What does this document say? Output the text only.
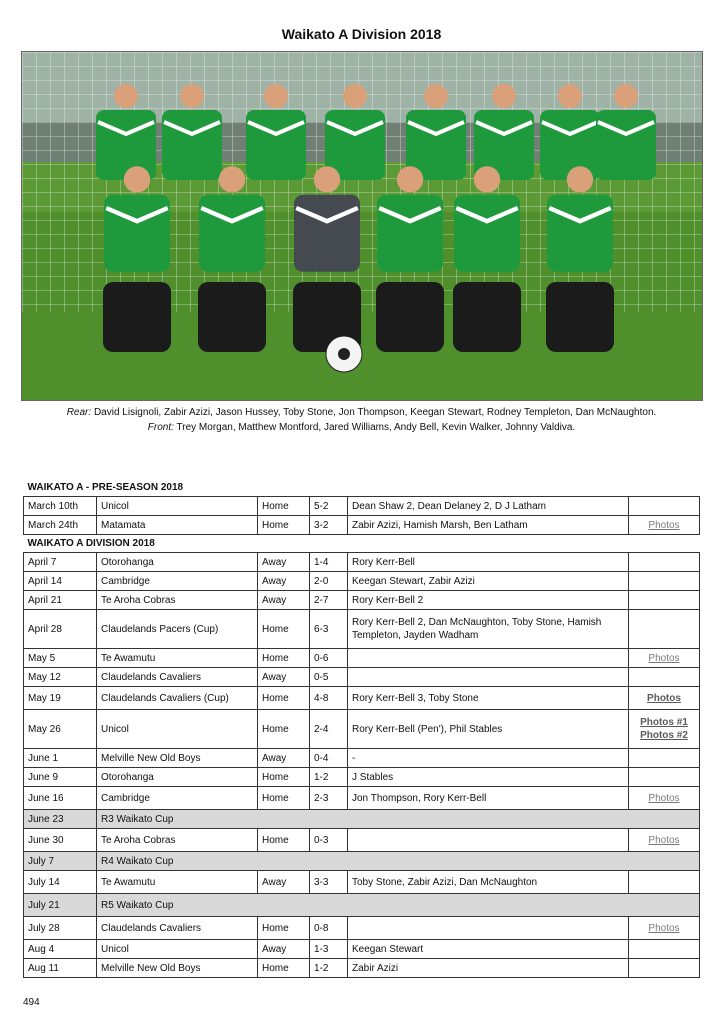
Waikato A Division 2018
Rear: David Lisignoli, Zabir Azizi, Jason Hussey, Toby Stone, Jon Thompson, Keegan Stewart, Rodney Templeton, Dan McNaughton.
Front: Trey Morgan, Matthew Montford, Jared Williams, Andy Bell, Kevin Walker, Johnny Valdiva.
WAIKATO A - PRE-SEASON 2018					
March 10th	Unicol	Home	5-2	Dean Shaw 2, Dean Delaney 2, D J Latham	
March 24th	Matamata	Home	3-2	Zabir Azizi, Hamish Marsh, Ben Latham	Photos

WAIKATO A DIVISION 2018					
April 7	Otorohanga	Away	1-4	Rory Kerr-Bell	
April 14	Cambridge	Away	2-0	Keegan Stewart, Zabir Azizi	
April 21	Te Aroha Cobras	Away	2-7	Rory Kerr-Bell 2	
April 28	Claudelands Pacers (Cup)	Home	6-3	Rory Kerr-Bell 2, Dan McNaughton, Toby Stone, Hamish Templeton, Jayden Wadham	
May 5	Te Awamutu	Home	0-6		Photos

May 12	Claudelands Cavaliers	Away	0-5		
May 19	Claudelands Cavaliers (Cup)	Home	4-8	Rory Kerr-Bell 3, Toby Stone	Photos

May 26	Unicol	Home	2-4	Rory Kerr-Bell (Pen'), Phil Stables	Photos #1
Photos #2

June 1	Melville New Old Boys	Away	0-4	-	
June 9	Otorohanga	Home	1-2	J Stables	
June 16	Cambridge	Home	2-3	Jon Thompson, Rory Kerr-Bell	Photos

June 23	R3 Waikato Cup				
June 30	Te Aroha Cobras	Home	0-3		Photos

July 7	R4 Waikato Cup				
July 14	Te Awamutu	Away	3-3	Toby Stone, Zabir Azizi, Dan McNaughton	
July 21	R5 Waikato Cup				
July 28	Claudelands Cavaliers	Home	0-8		Photos

Aug 4	Unicol	Away	1-3	Keegan Stewart	
Aug 11	Melville New Old Boys	Home	1-2	Zabir Azizi	
494
